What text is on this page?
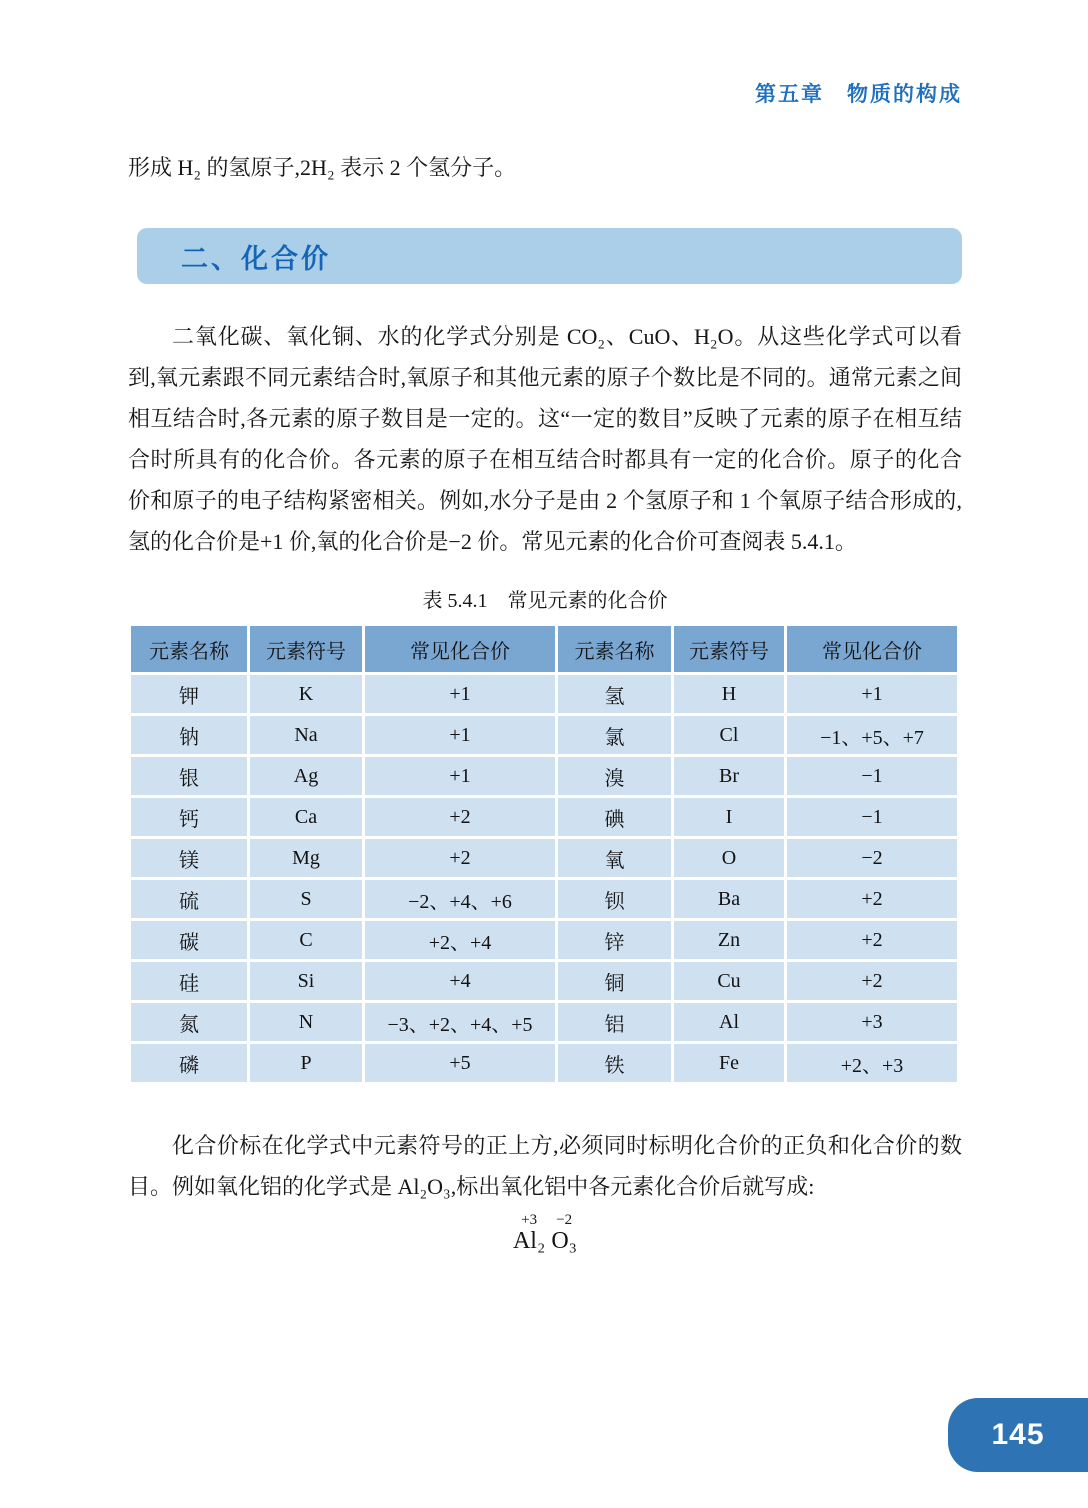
第五章　物质的构成

形成 H₂ 的氢原子,2H₂ 表示 2 个氢分子。

二、化合价

二氧化碳、氧化铜、水的化学式分别是 CO₂、CuO、H₂O。从这些化学式可以看到,氧元素跟不同元素结合时,氧原子和其他元素的原子个数比是不同的。通常元素之间相互结合时,各元素的原子数目是一定的。这“一定的数目”反映了元素的原子在相互结合时所具有的化合价。各元素的原子在相互结合时都具有一定的化合价。原子的化合价和原子的电子结构紧密相关。例如,水分子是由 2 个氢原子和 1 个氧原子结合形成的,氢的化合价是+1 价,氧的化合价是−2 价。常见元素的化合价可查阅表 5.4.1。

表 5.4.1　常见元素的化合价
元素名称	元素符号	常见化合价	元素名称	元素符号	常见化合价
钾	K	+1	氢	H	+1
钠	Na	+1	氯	Cl	−1、+5、+7
银	Ag	+1	溴	Br	−1
钙	Ca	+2	碘	I	−1
镁	Mg	+2	氧	O	−2
硫	S	−2、+4、+6	钡	Ba	+2
碳	C	+2、+4	锌	Zn	+2
硅	Si	+4	铜	Cu	+2
氮	N	−3、+2、+4、+5	铝	Al	+3
磷	P	+5	铁	Fe	+2、+3

化合价标在化学式中元素符号的正上方,必须同时标明化合价的正负和化合价的数目。例如氧化铝的化学式是 Al₂O₃,标出氧化铝中各元素化合价后就写成:

+3
Al₂

−2
O₃
145
